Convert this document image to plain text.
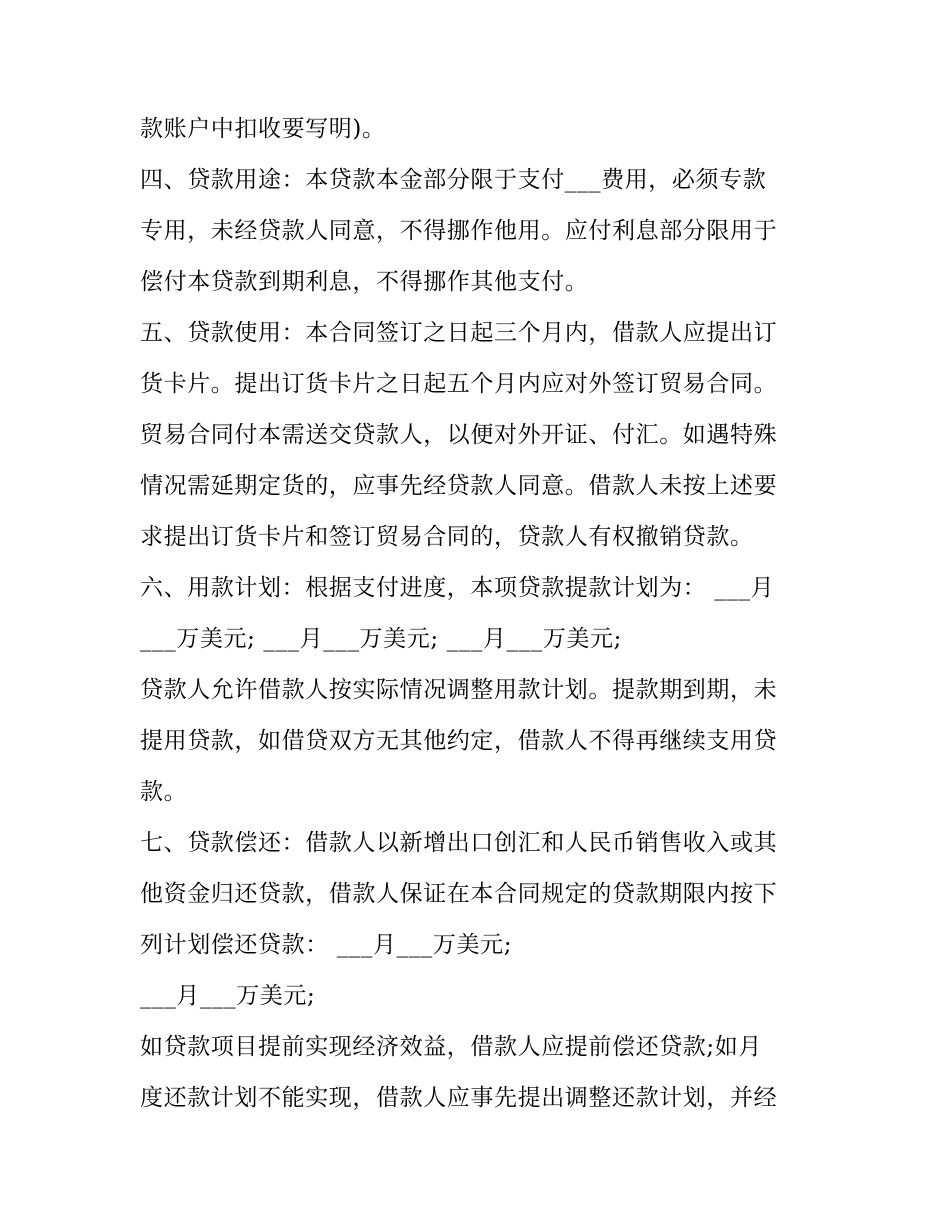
款账户中扣收要写明)。
四、贷款用途：本贷款本金部分限于支付___费用，必须专款
专用，未经贷款人同意，不得挪作他用。应付利息部分限用于
偿付本贷款到期利息，不得挪作其他支付。
五、贷款使用：本合同签订之日起三个月内，借款人应提出订
货卡片。提出订货卡片之日起五个月内应对外签订贸易合同。
贸易合同付本需送交贷款人，以便对外开证、付汇。如遇特殊
情况需延期定货的，应事先经贷款人同意。借款人未按上述要
求提出订货卡片和签订贸易合同的，贷款人有权撤销贷款。
六、用款计划：根据支付进度，本项贷款提款计划为： ___月
___万美元; ___月___万美元; ___月___万美元;
贷款人允许借款人按实际情况调整用款计划。提款期到期，未
提用贷款，如借贷双方无其他约定，借款人不得再继续支用贷
款。
七、贷款偿还：借款人以新增出口创汇和人民币销售收入或其
他资金归还贷款，借款人保证在本合同规定的贷款期限内按下
列计划偿还贷款： ___月___万美元;
___月___万美元;
如贷款项目提前实现经济效益，借款人应提前偿还贷款;如月
度还款计划不能实现，借款人应事先提出调整还款计划，并经
